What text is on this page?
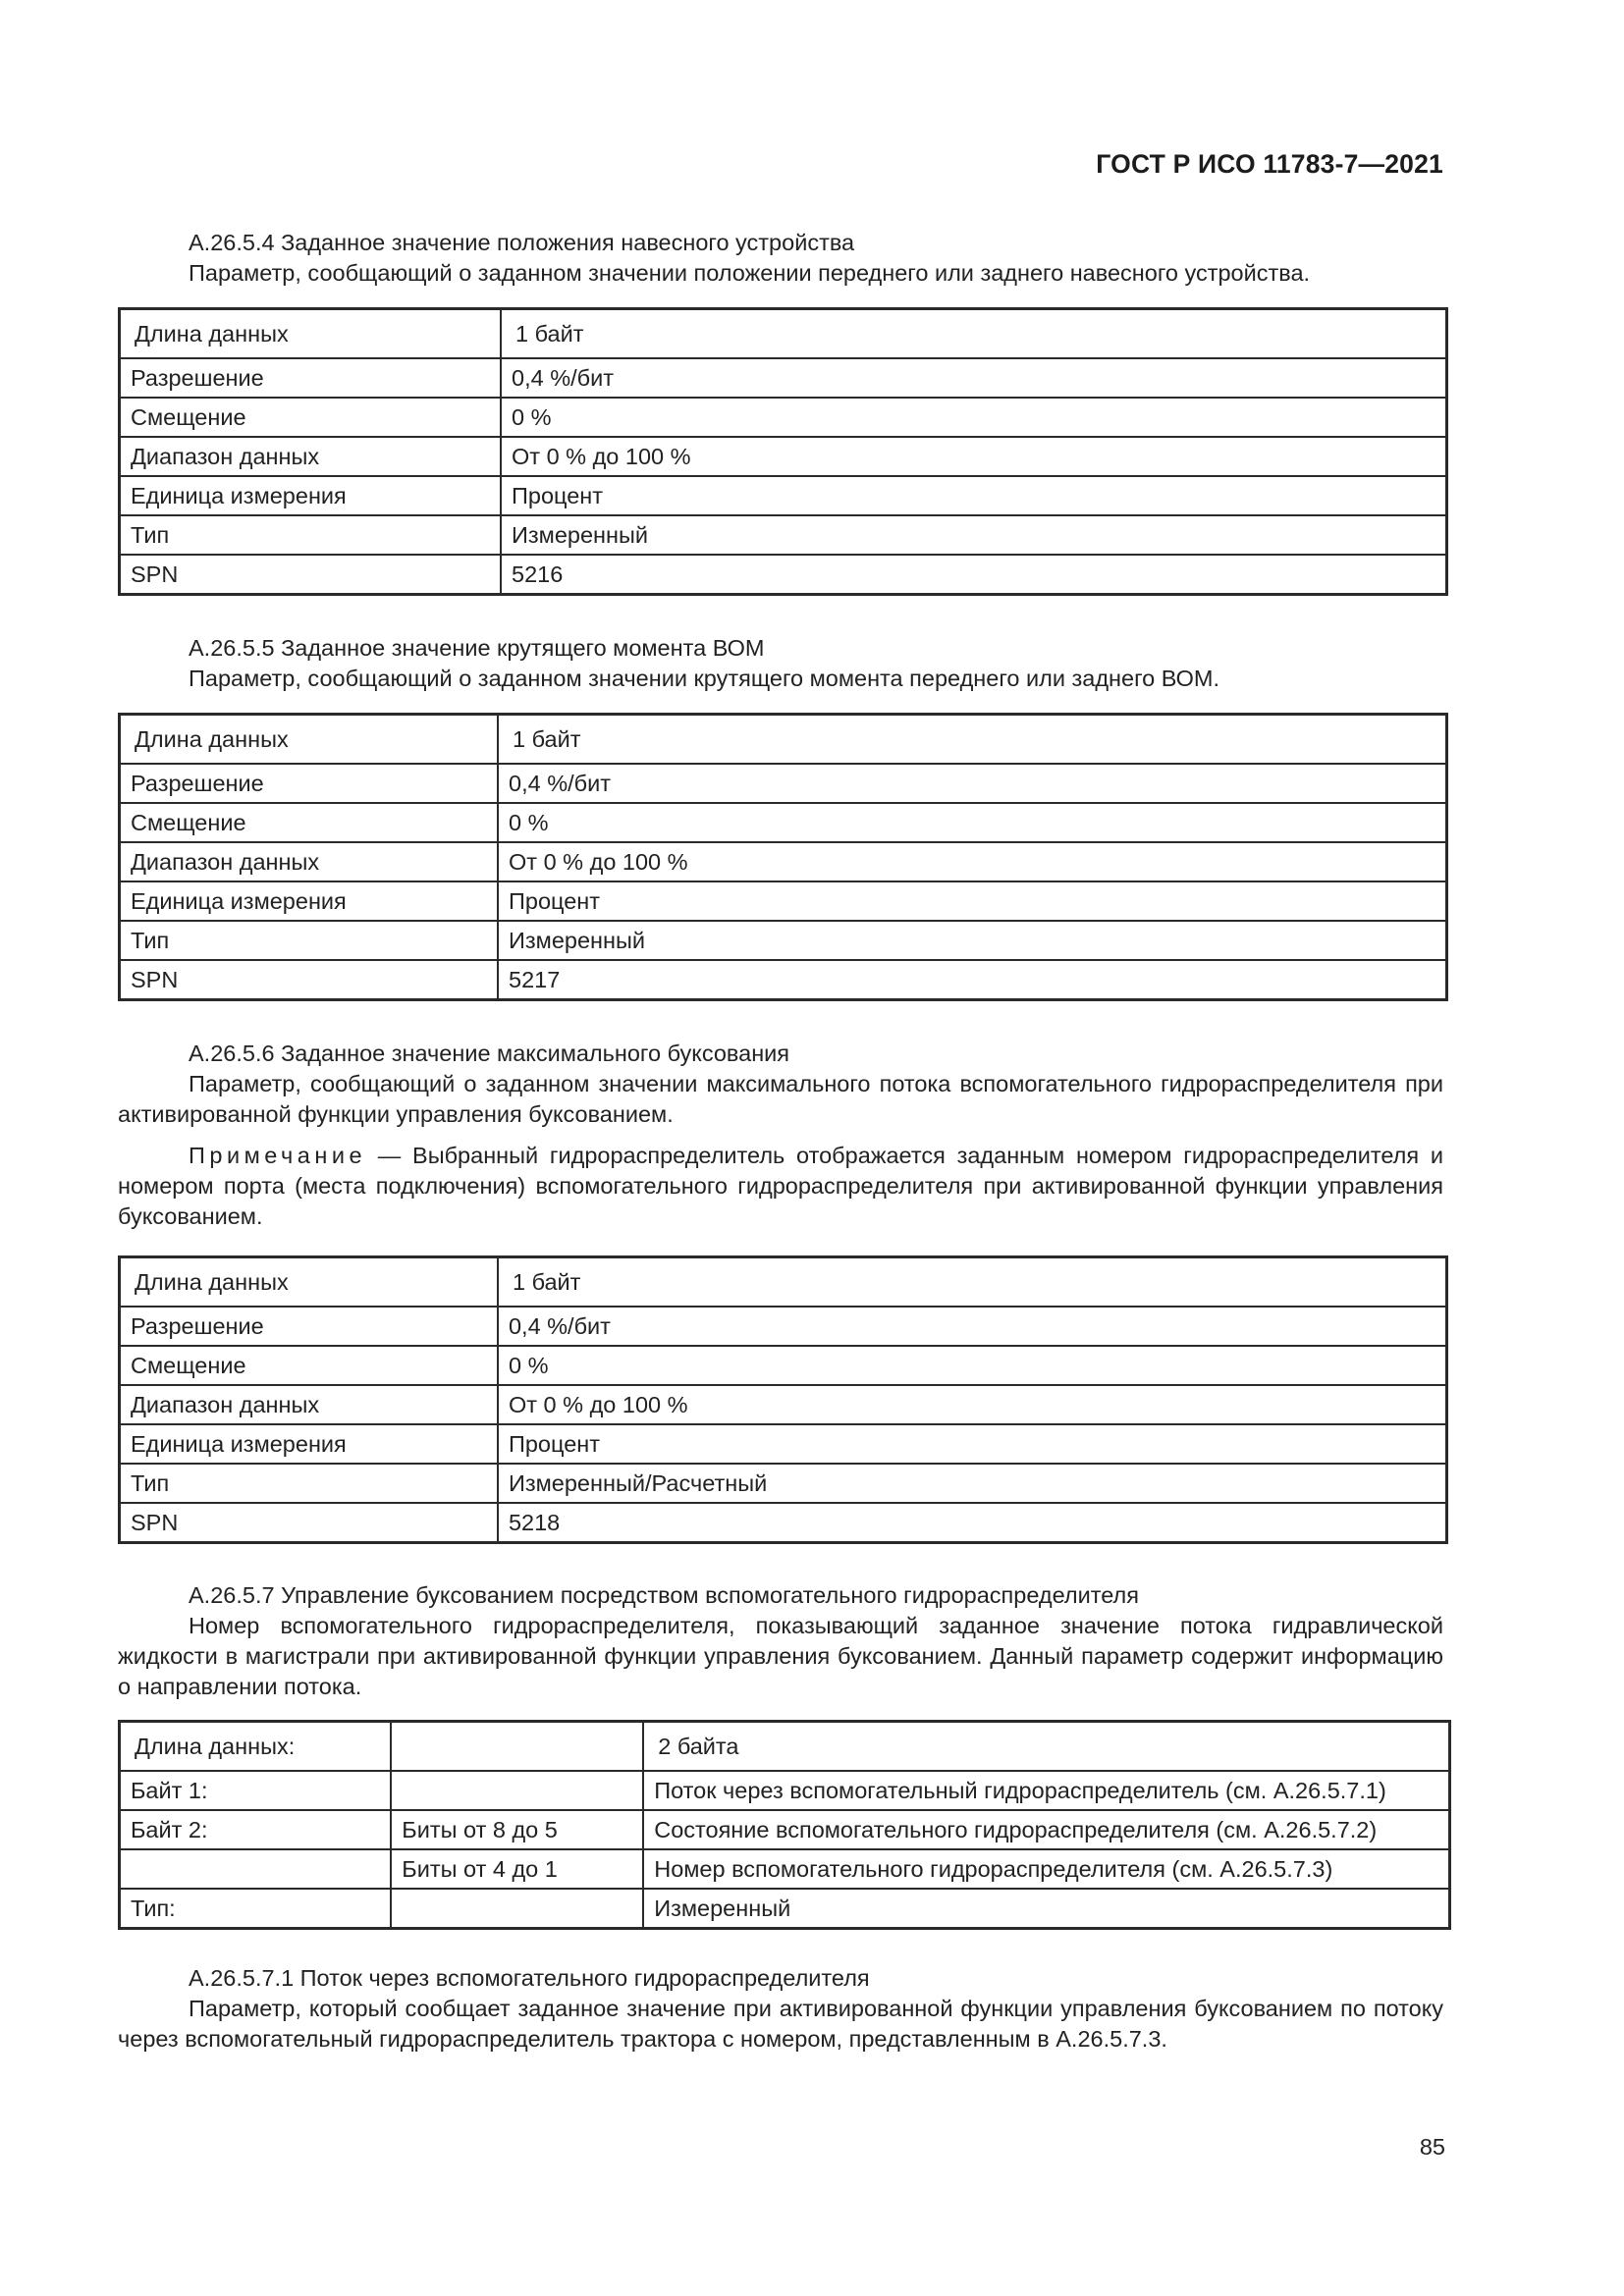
ГОСТ Р ИСО 11783-7—2021
A.26.5.4 Заданное значение положения навесного устройства
Параметр, сообщающий о заданном значении положении переднего или заднего навесного устройства.
Длина данных	1 байт
Разрешение	0,4 %/бит
Смещение	0 %
Диапазон данных	От 0 % до 100 %
Единица измерения	Процент
Тип	Измеренный
SPN	5216
A.26.5.5 Заданное значение крутящего момента ВОМ
Параметр, сообщающий о заданном значении крутящего момента переднего или заднего ВОМ.
Длина данных	1 байт
Разрешение	0,4 %/бит
Смещение	0 %
Диапазон данных	От 0 % до 100 %
Единица измерения	Процент
Тип	Измеренный
SPN	5217
A.26.5.6 Заданное значение максимального буксования
Параметр, сообщающий о заданном значении максимального потока вспомогательного гидрораспределителя при активированной функции управления буксованием.
Примечание — Выбранный гидрораспределитель отображается заданным номером гидрораспределителя и номером порта (места подключения) вспомогательного гидрораспределителя при активированной функции управления буксованием.
Длина данных	1 байт
Разрешение	0,4 %/бит
Смещение	0 %
Диапазон данных	От 0 % до 100 %
Единица измерения	Процент
Тип	Измеренный/Расчетный
SPN	5218
A.26.5.7 Управление буксованием посредством вспомогательного гидрораспределителя
Номер вспомогательного гидрораспределителя, показывающий заданное значение потока гидравлической жидкости в магистрали при активированной функции управления буксованием. Данный параметр содержит информацию о направлении потока.
Длина данных:		2 байта
Байт 1:		Поток через вспомогательный гидрораспределитель (см. A.26.5.7.1)
Байт 2:	Биты от 8 до 5	Состояние вспомогательного гидрораспределителя (см. A.26.5.7.2)
	Биты от 4 до 1	Номер вспомогательного гидрораспределителя (см. A.26.5.7.3)
Тип:		Измеренный
A.26.5.7.1 Поток через вспомогательного гидрораспределителя
Параметр, который сообщает заданное значение при активированной функции управления буксованием по потоку через вспомогательный гидрораспределитель трактора с номером, представленным в A.26.5.7.3.
85
